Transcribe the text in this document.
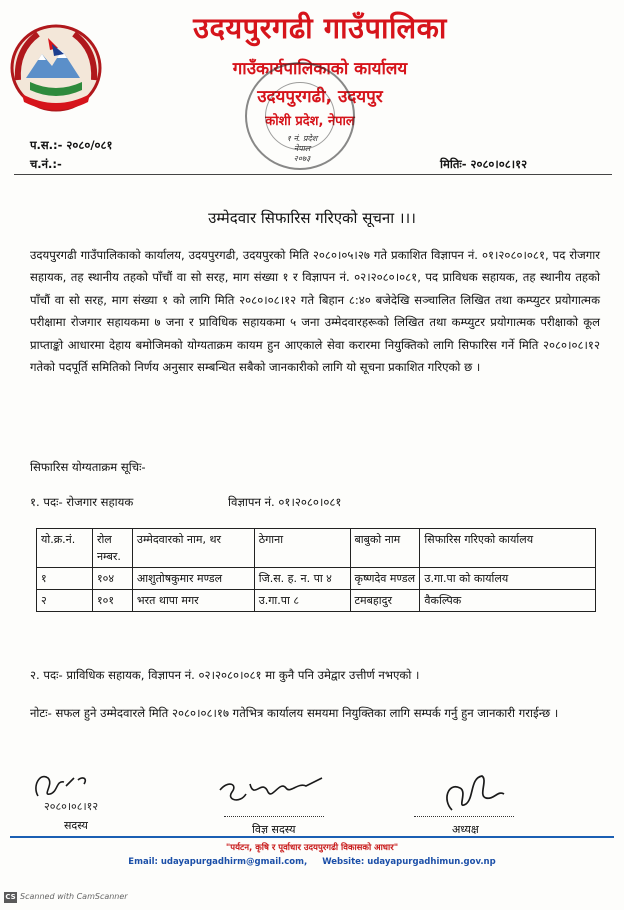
उदयपुरगढी गाउँपालिका
गाउँकार्यपालिकाको कार्यालय
उदयपुरगढी, उदयपुर
कोशी प्रदेश, नेपाल
१ नं. प्रदेश
नेपाल
२०७३
प.स.:- २०८०/०८१
च.नं.:-	मितिः- २०८०।०८।१२
उम्मेदवार सिफारिस गरिएको सूचना ।।।

उदयपुरगढी गाउँपालिकाको कार्यालय, उदयपुरगढी, उदयपुरको मिति २०८०।०५।२७ गते प्रकाशित विज्ञापन नं. ०१।२०८०।०८१, पद रोजगार सहायक, तह स्थानीय तहको पाँचौं वा सो सरह, माग संख्या १ र विज्ञापन नं. ०२।२०८०।०८१, पद प्राविधक सहायक, तह स्थानीय तहको पाँचौं वा सो सरह, माग संख्या १ को लागि मिति २०८०।०८।१२ गते बिहान ८:४० बजेदेखि सञ्चालित लिखित तथा कम्प्युटर प्रयोगात्मक परीक्षामा रोजगार सहायकमा ७ जना र प्राविधिक सहायकमा ५ जना उम्मेदवारहरूको लिखित तथा कम्प्युटर प्रयोगात्मक परीक्षाको कूल प्राप्ताङ्को आधारमा देहाय बमोजिमको योग्यताक्रम कायम हुन आएकाले सेवा करारमा नियुक्तिको लागि सिफारिस गर्ने मिति २०८०।०८।१२ गतेको पदपूर्ति समितिको निर्णय अनुसार सम्बन्धित सबैको जानकारीको लागि यो सूचना प्रकाशित गरिएको छ ।

सिफारिस योग्यताक्रम सूचिः-
१. पदः- रोजगार सहायक	विज्ञापन नं. ०१।२०८०।०८१
यो.क्र.नं.	रोल नम्बर.	उम्मेदवारको नाम, थर	ठेगाना	बाबुको नाम	सिफारिस गरिएको कार्यालय
१	१०४	आशुतोषकुमार मण्डल	जि.स. ह. न. पा ४	कृष्णदेव मण्डल	उ.गा.पा को कार्यालय
२	१०१	भरत थापा मगर	उ.गा.पा ८	टमबहादुर	वैकल्पिक
२. पदः- प्राविधिक सहायक, विज्ञापन नं. ०२।२०८०।०८१ मा कुनै पनि उमेद्वार उत्तीर्ण नभएको ।

नोटः- सफल हुने उम्मेदवारले मिति २०८०।०८।१७ गतेभित्र कार्यालय समयमा नियुक्तिका लागि सम्पर्क गर्नु हुन जानकारी गराईन्छ ।

२०८०।०८।१२
सदस्य	विज्ञ सदस्य	अध्यक्ष
"पर्यटन, कृषि र पूर्वाधार उदयपुरगढी विकासको आधार"
Email: udayapurgadhirm@gmail.com, Website: udayapurgadhimun.gov.np
CS Scanned with CamScanner
